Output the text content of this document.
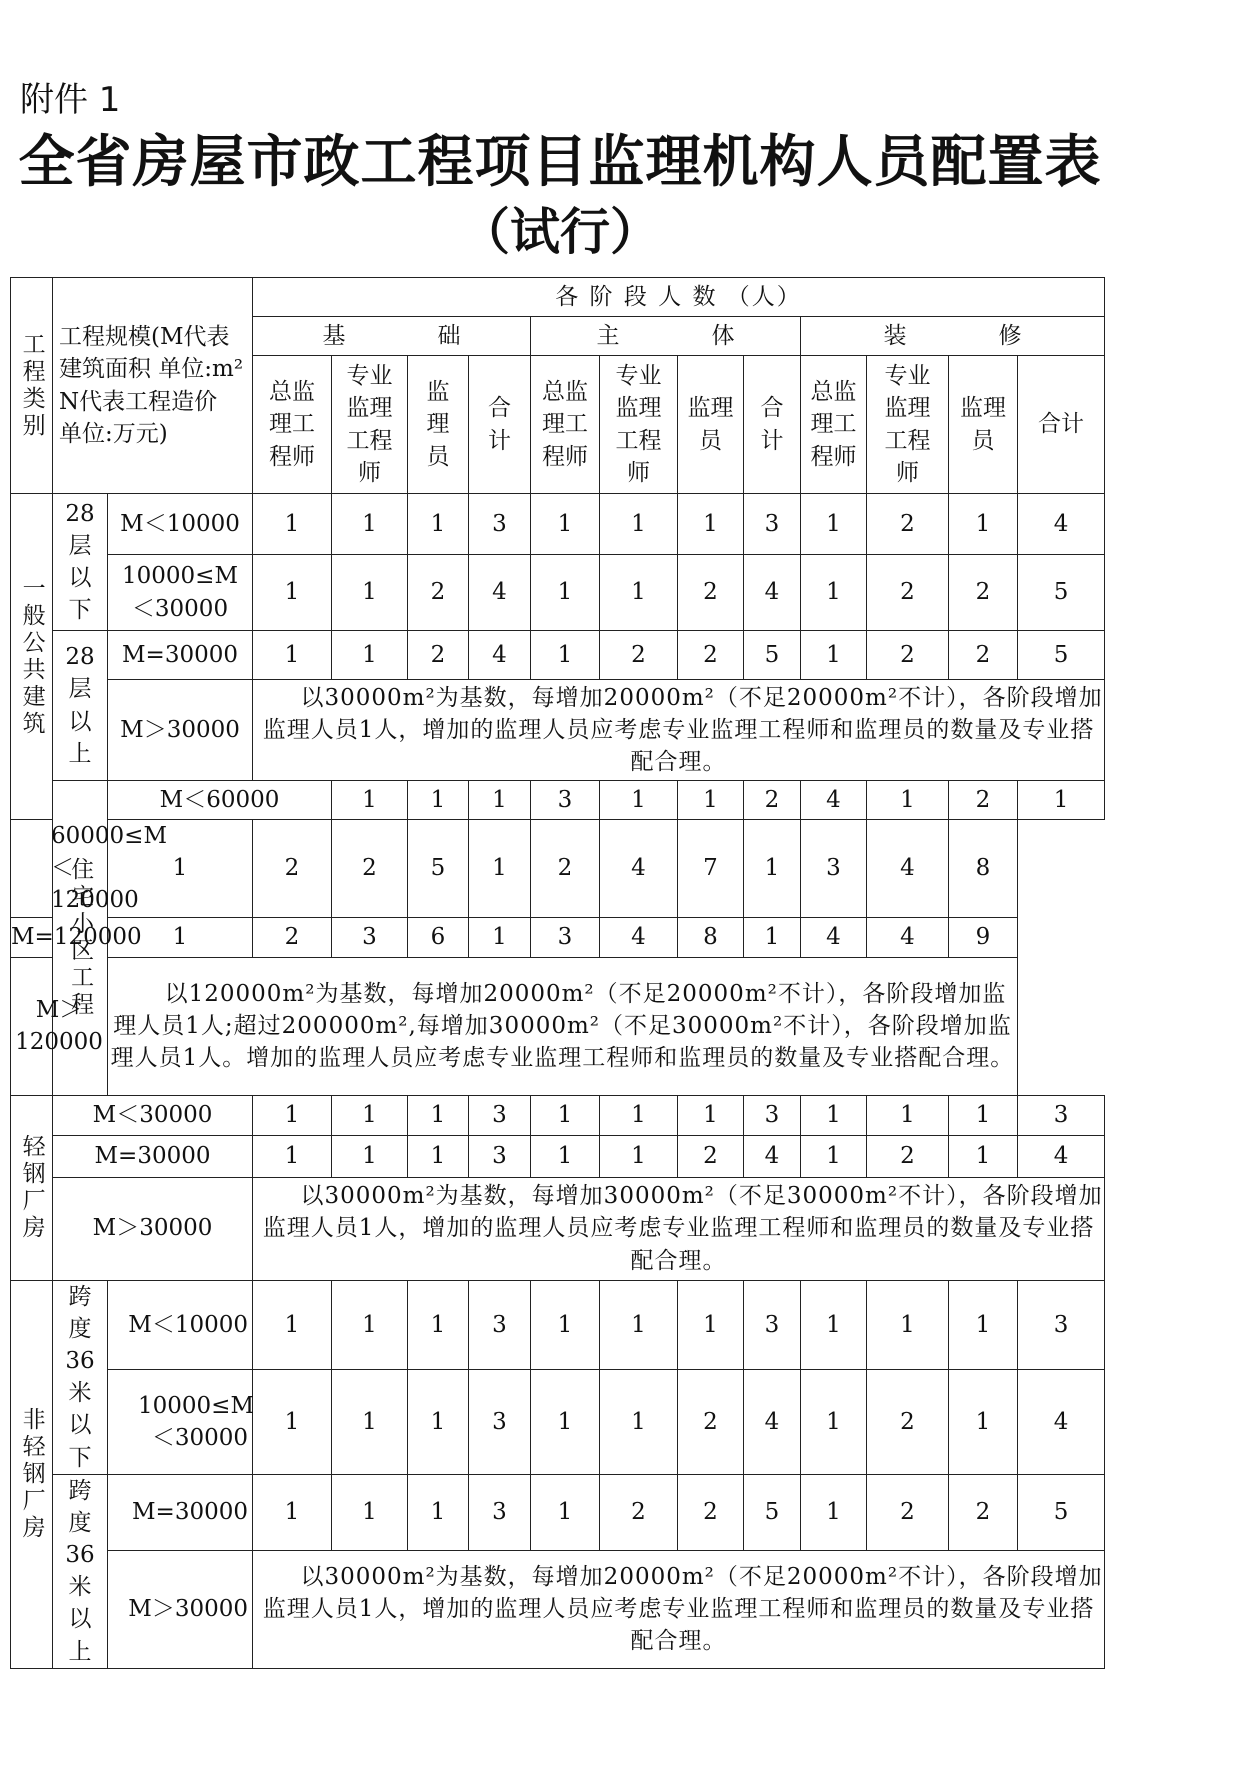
附件 1
全省房屋市政工程项目监理机构人员配置表
（试行）
工程类别	工程规模(M代表建筑面积 单位:m² N代表工程造价 单位:万元)		各 阶 段 人 数 （人）												
			基　　　　础				主　　　　体				装　　　　修				
			总监理工程师	专业监理工程师	监理员	合计	总监理工程师	专业监理工程师	监理员	合计	总监理工程师	专业监理工程师	监理员	合计	

一般公共建筑	28层以下	M＜10000	1	1	1	3	1	1	1	3	1	2	1	4	
		10000≤M＜30000	1	1	2	4	1	1	2	4	1	2	2	5	
	28层以上	M=30000	1	1	2	4	1	2	2	5	1	2	2	5	
		M＞30000	以30000m²为基数，每增加20000m²（不足20000m²不计），各阶段增加监理人员1人，增加的监理人员应考虑专业监理工程师和监理员的数量及专业搭配合理。												

	住宅小区工程	M＜60000		1	1	1	3	1	1	2	4	1	2	1	
60000≤M＜120000		1	2	2	5	1	2	4	7	1	3	4	8		
M=120000		1	2	3	6	1	3	4	8	1	4	4	9		
M＞120000		以120000m²为基数，每增加20000m²（不足20000m²不计），各阶段增加监理人员1人;超过200000m²,每增加30000m²（不足30000m²不计），各阶段增加监理人员1人。增加的监理人员应考虑专业监理工程师和监理员的数量及专业搭配合理。													

轻钢厂房	M＜30000		1	1	1	3	1	1	1	3	1	1	1	3	
	M=30000		1	1	1	3	1	1	2	4	1	2	1	4	
	M＞30000		以30000m²为基数，每增加30000m²（不足30000m²不计），各阶段增加监理人员1人，增加的监理人员应考虑专业监理工程师和监理员的数量及专业搭配合理。												

非轻钢厂房	跨度36米以下	M＜10000	1	1	1	3	1	1	1	3	1	1	1	3	
		10000≤M＜30000	1	1	1	3	1	1	2	4	1	2	1	4	
	跨度36米以上	M=30000	1	1	1	3	1	2	2	5	1	2	2	5	
		M＞30000	以30000m²为基数，每增加20000m²（不足20000m²不计），各阶段增加监理人员1人，增加的监理人员应考虑专业监理工程师和监理员的数量及专业搭配合理。												
